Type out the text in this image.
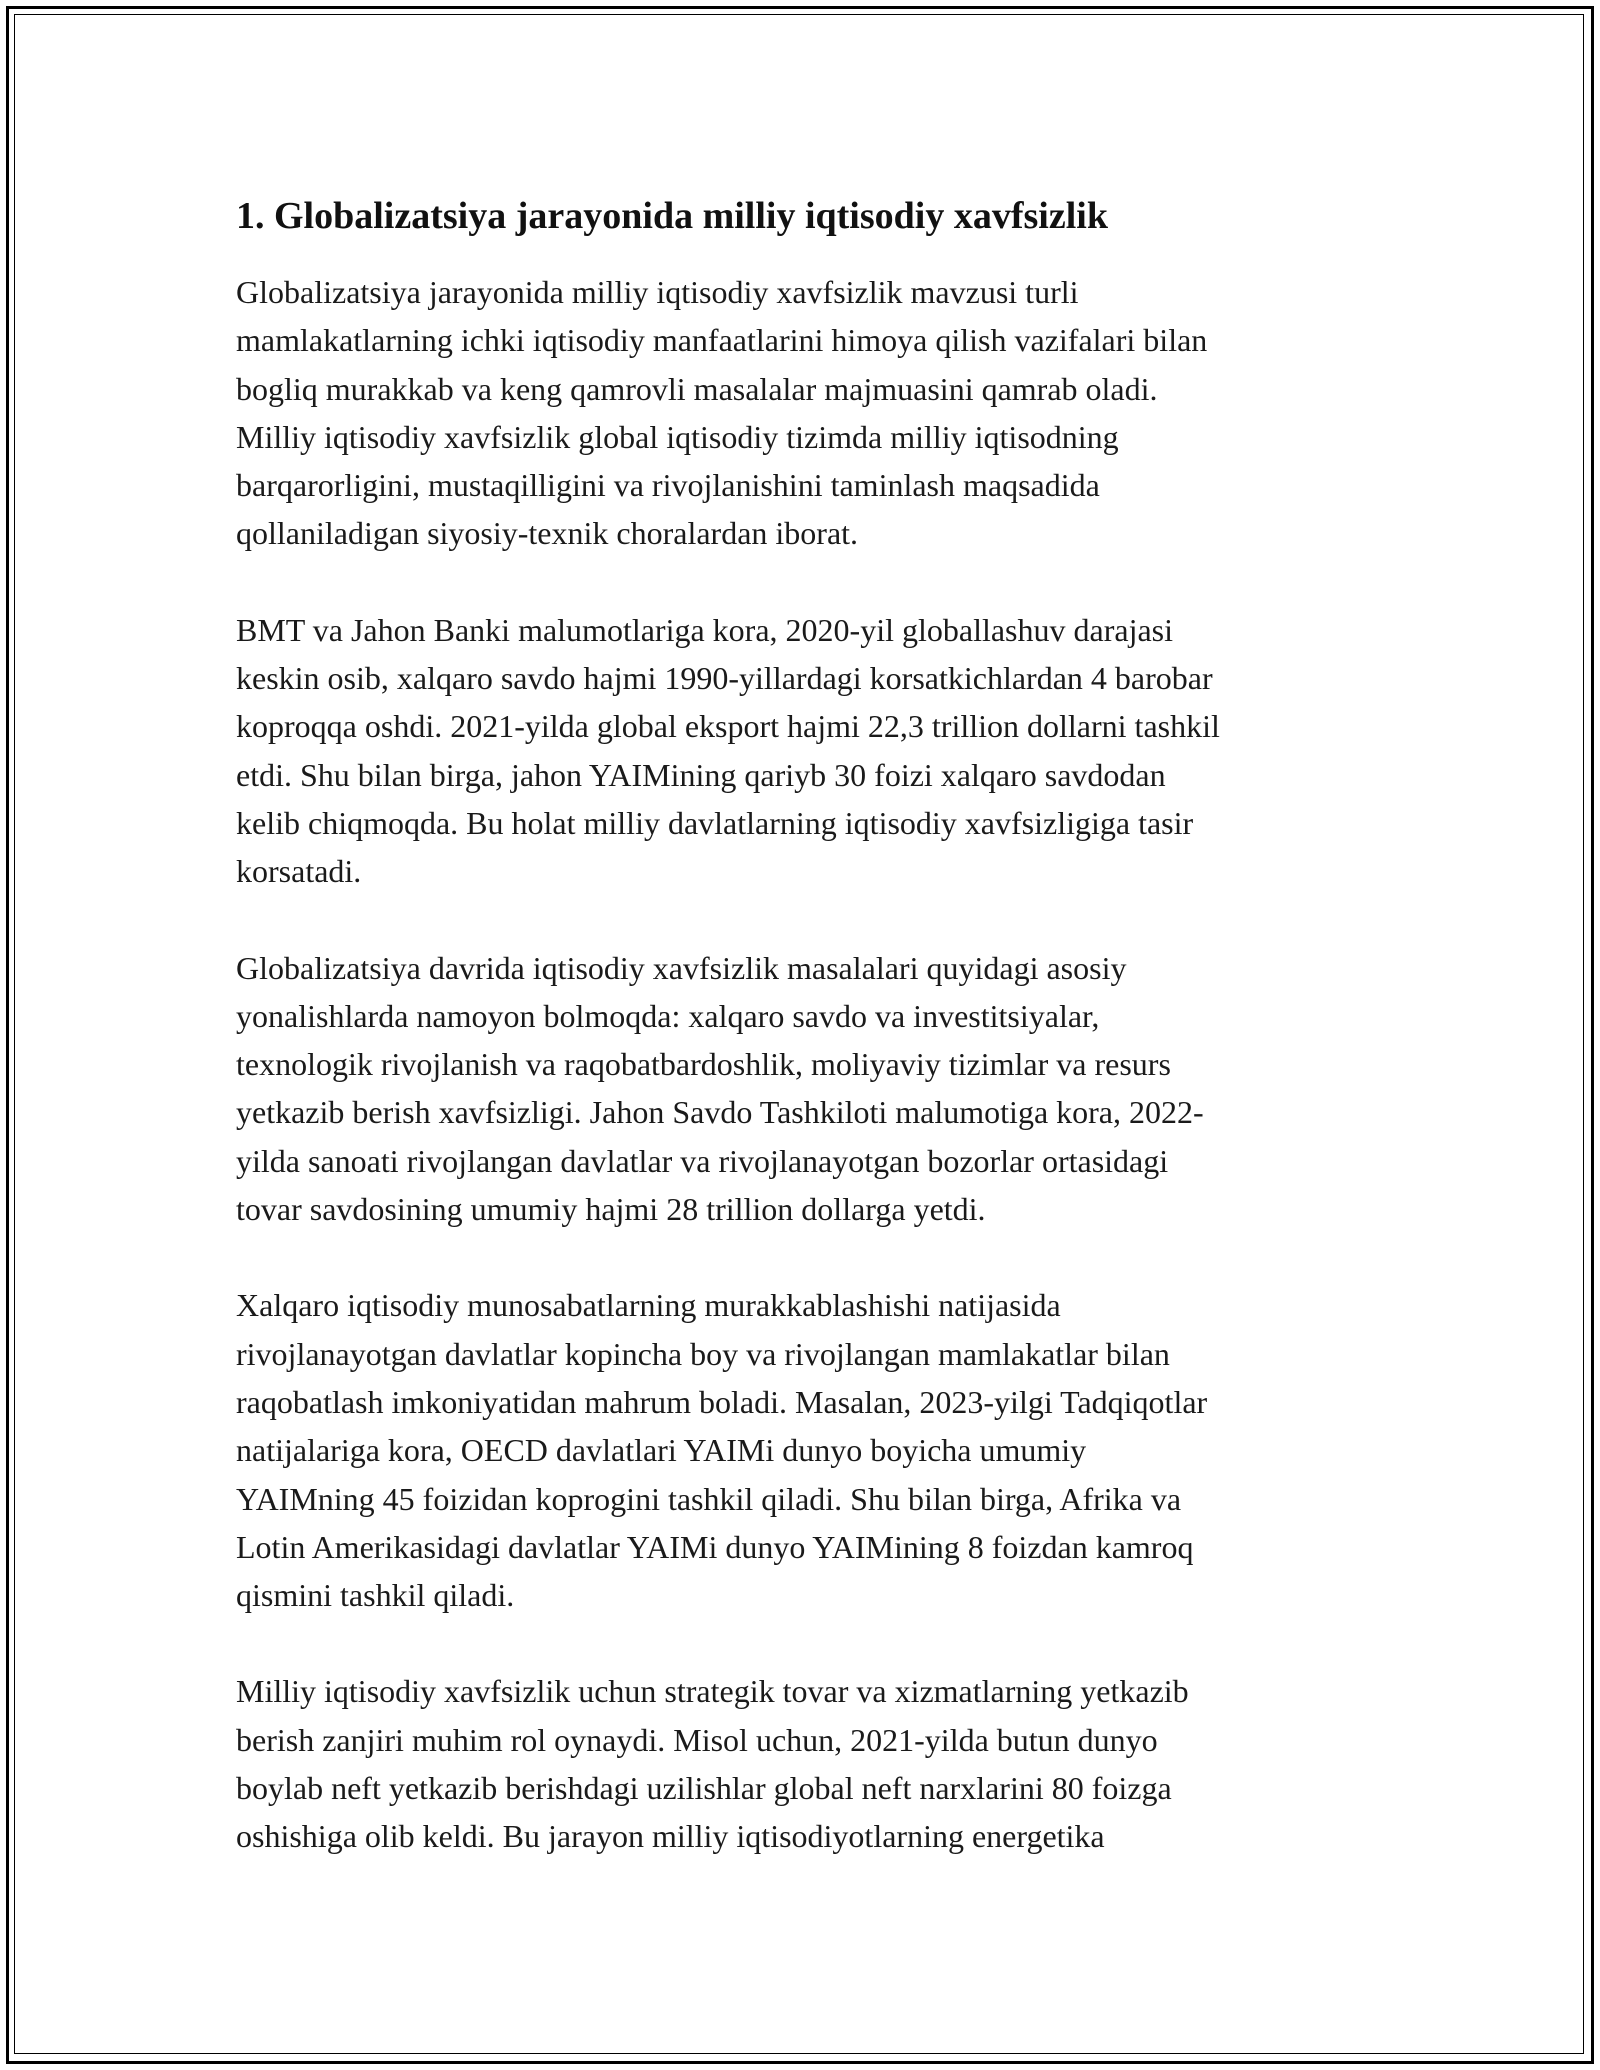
1. Globalizatsiya jarayonida milliy iqtisodiy xavfsizlik

Globalizatsiya jarayonida milliy iqtisodiy xavfsizlik mavzusi turli
mamlakatlarning ichki iqtisodiy manfaatlarini himoya qilish vazifalari bilan
bogliq murakkab va keng qamrovli masalalar majmuasini qamrab oladi.
Milliy iqtisodiy xavfsizlik global iqtisodiy tizimda milliy iqtisodning
barqarorligini, mustaqilligini va rivojlanishini taminlash maqsadida
qollaniladigan siyosiy-texnik choralardan iborat.

BMT va Jahon Banki malumotlariga kora, 2020-yil globallashuv darajasi
keskin osib, xalqaro savdo hajmi 1990-yillardagi korsatkichlardan 4 barobar
koproqqa oshdi. 2021-yilda global eksport hajmi 22,3 trillion dollarni tashkil
etdi. Shu bilan birga, jahon YAIMining qariyb 30 foizi xalqaro savdodan
kelib chiqmoqda. Bu holat milliy davlatlarning iqtisodiy xavfsizligiga tasir
korsatadi.

Globalizatsiya davrida iqtisodiy xavfsizlik masalalari quyidagi asosiy
yonalishlarda namoyon bolmoqda: xalqaro savdo va investitsiyalar,
texnologik rivojlanish va raqobatbardoshlik, moliyaviy tizimlar va resurs
yetkazib berish xavfsizligi. Jahon Savdo Tashkiloti malumotiga kora, 2022-
yilda sanoati rivojlangan davlatlar va rivojlanayotgan bozorlar ortasidagi
tovar savdosining umumiy hajmi 28 trillion dollarga yetdi.

Xalqaro iqtisodiy munosabatlarning murakkablashishi natijasida
rivojlanayotgan davlatlar kopincha boy va rivojlangan mamlakatlar bilan
raqobatlash imkoniyatidan mahrum boladi. Masalan, 2023-yilgi Tadqiqotlar
natijalariga kora, OECD davlatlari YAIMi dunyo boyicha umumiy
YAIMning 45 foizidan koprogini tashkil qiladi. Shu bilan birga, Afrika va
Lotin Amerikasidagi davlatlar YAIMi dunyo YAIMining 8 foizdan kamroq
qismini tashkil qiladi.

Milliy iqtisodiy xavfsizlik uchun strategik tovar va xizmatlarning yetkazib
berish zanjiri muhim rol oynaydi. Misol uchun, 2021-yilda butun dunyo
boylab neft yetkazib berishdagi uzilishlar global neft narxlarini 80 foizga
oshishiga olib keldi. Bu jarayon milliy iqtisodiyotlarning energetika
